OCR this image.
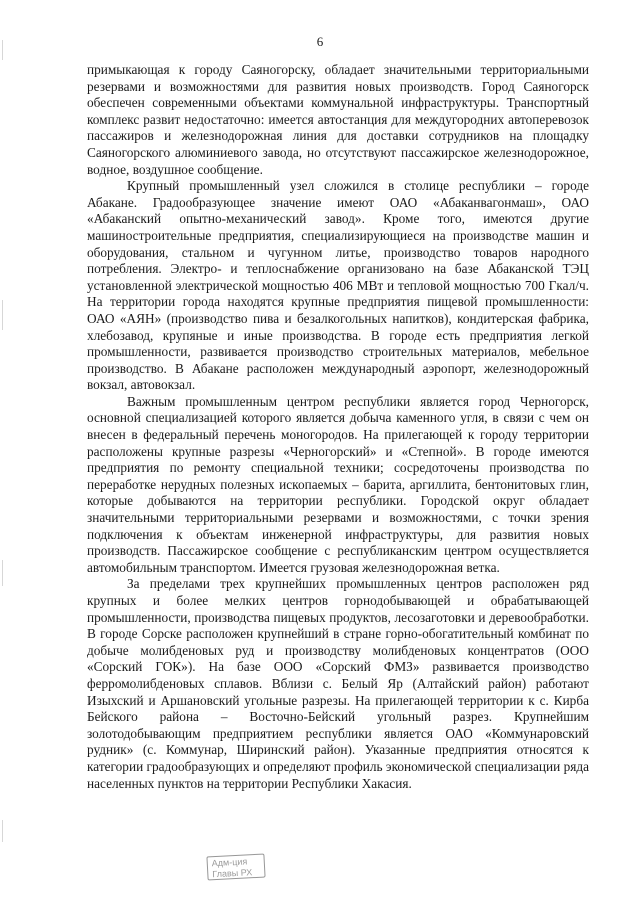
6

примыкающая к городу Саяногорску, обладает значительными территориальными резервами и возможностями для развития новых производств. Город Саяногорск обеспечен современными объектами коммунальной инфраструктуры. Транспортный комплекс развит недостаточно: имеется автостанция для междугородних автоперевозок пассажиров и железнодорожная линия для доставки сотрудников на площадку Саяногорского алюминиевого завода, но отсутствуют пассажирское железнодорожное, водное, воздушное сообщение.

Крупный промышленный узел сложился в столице республики – городе Абакане. Градообразующее значение имеют ОАО «Абаканвагонмаш», ОАО «Абаканский опытно-механический завод». Кроме того, имеются другие машиностроительные предприятия, специализирующиеся на производстве машин и оборудования, стальном и чугунном литье, производство товаров народного потребления. Электро- и теплоснабжение организовано на базе Абаканской ТЭЦ установленной электрической мощностью 406 МВт и тепловой мощностью 700 Гкал/ч. На территории города находятся крупные предприятия пищевой промышленности: ОАО «АЯН» (производство пива и безалкогольных напитков), кондитерская фабрика, хлебозавод, крупяные и иные производства. В городе есть предприятия легкой промышленности, развивается производство строительных материалов, мебельное производство. В Абакане расположен международный аэропорт, железнодорожный вокзал, автовокзал.

Важным промышленным центром республики является город Черногорск, основной специализацией которого является добыча каменного угля, в связи с чем он внесен в федеральный перечень моногородов. На прилегающей к городу территории расположены крупные разрезы «Черногорский» и «Степной». В городе имеются предприятия по ремонту специальной техники; сосредоточены производства по переработке нерудных полезных ископаемых – барита, аргиллита, бентонитовых глин, которые добываются на территории республики. Городской округ обладает значительными территориальными резервами и возможностями, с точки зрения подключения к объектам инженерной инфраструктуры, для развития новых производств. Пассажирское сообщение с республиканским центром осуществляется автомобильным транспортом. Имеется грузовая железнодорожная ветка.

За пределами трех крупнейших промышленных центров расположен ряд крупных и более мелких центров горнодобывающей и обрабатывающей промышленности, производства пищевых продуктов, лесозаготовки и деревообработки. В городе Сорске расположен крупнейший в стране горно-обогатительный комбинат по добыче молибденовых руд и производству молибденовых концентратов (ООО «Сорский ГОК»). На базе ООО «Сорский ФМЗ» развивается производство ферромолибденовых сплавов. Вблизи с. Белый Яр (Алтайский район) работают Изыхский и Аршановский угольные разрезы. На прилегающей территории к с. Кирба Бейского района – Восточно-Бейский угольный разрез. Крупнейшим золотодобывающим предприятием республики является ОАО «Коммунаровский рудник» (с. Коммунар, Ширинский район). Указанные предприятия относятся к категории градообразующих и определяют профиль экономической специализации ряда населенных пунктов на территории Республики Хакасия.

Адм-ция
Главы РХ
